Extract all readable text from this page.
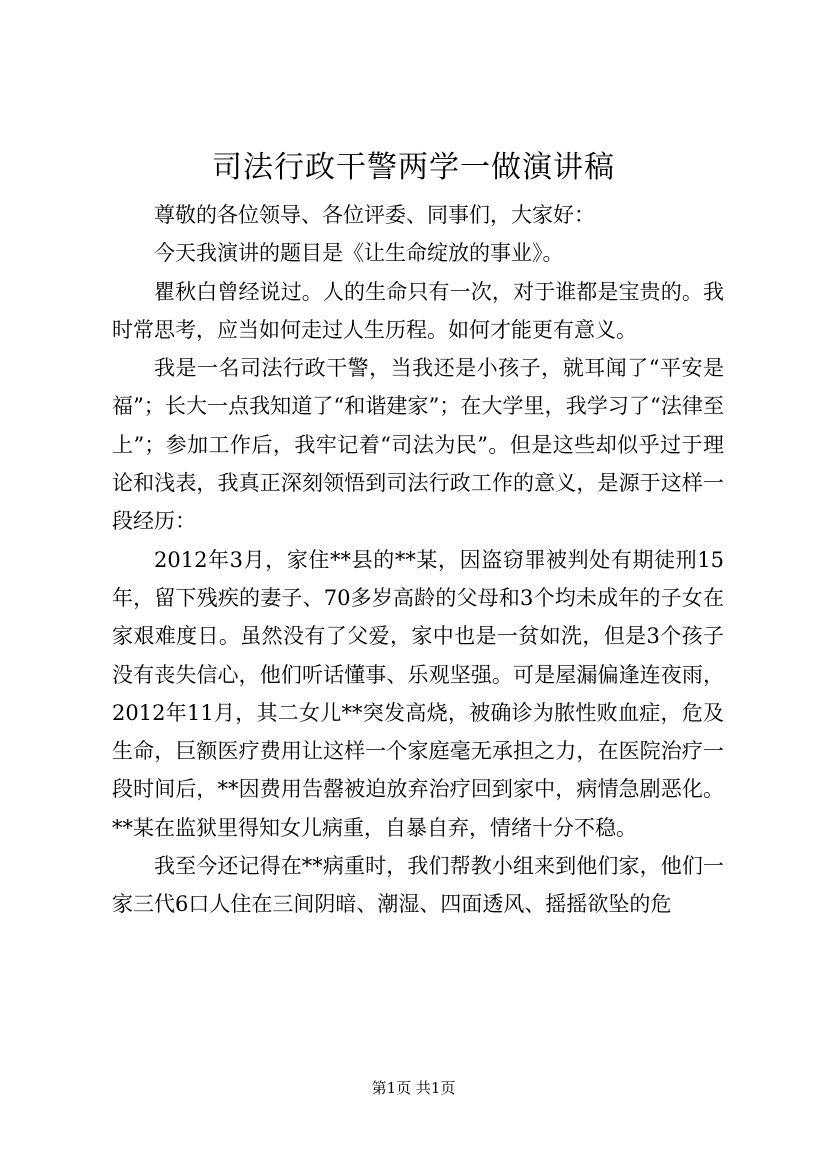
司法行政干警两学一做演讲稿

尊敬的各位领导、各位评委、同事们，大家好：

今天我演讲的题目是《让生命绽放的事业》。

瞿秋白曾经说过。人的生命只有一次，对于谁都是宝贵的。我时常思考，应当如何走过人生历程。如何才能更有意义。

我是一名司法行政干警，当我还是小孩子，就耳闻了“平安是福”；长大一点我知道了“和谐建家”；在大学里，我学习了“法律至上”；参加工作后，我牢记着“司法为民”。但是这些却似乎过于理论和浅表，我真正深刻领悟到司法行政工作的意义，是源于这样一段经历：

2012年3月，家住**县的**某，因盗窃罪被判处有期徒刑15年，留下残疾的妻子、70多岁高龄的父母和3个均未成年的子女在家艰难度日。虽然没有了父爱，家中也是一贫如洗，但是3个孩子没有丧失信心，他们听话懂事、乐观坚强。可是屋漏偏逢连夜雨，2012年11月，其二女儿**突发高烧，被确诊为脓性败血症，危及生命，巨额医疗费用让这样一个家庭毫无承担之力，在医院治疗一段时间后，**因费用告罄被迫放弃治疗回到家中，病情急剧恶化。**某在监狱里得知女儿病重，自暴自弃，情绪十分不稳。

我至今还记得在**病重时，我们帮教小组来到他们家，他们一家三代6口人住在三间阴暗、潮湿、四面透风、摇摇欲坠的危

第1页 共1页
